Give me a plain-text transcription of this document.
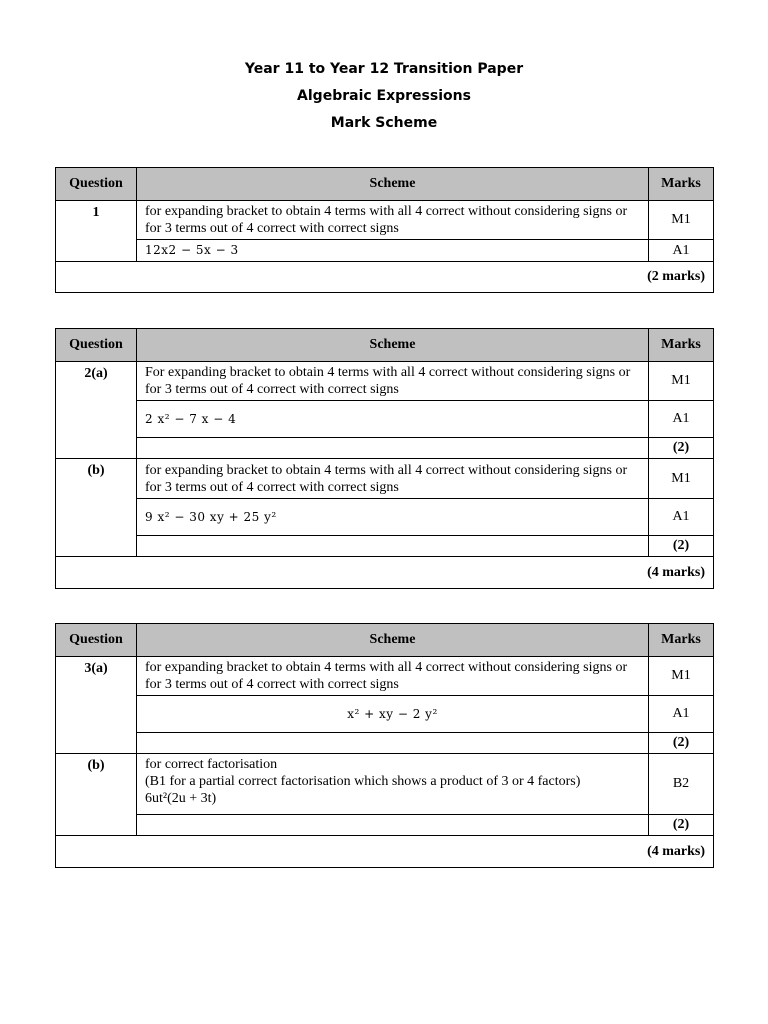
Year 11 to Year 12 Transition Paper
Algebraic Expressions
Mark Scheme
Question	Scheme	Marks
1	for expanding bracket to obtain 4 terms with all 4 correct without considering signs or for 3 terms out of 4 correct with correct signs	M1
	12x2 − 5x − 3	A1
(2 marks)		
Question	Scheme	Marks
2(a)	For expanding bracket to obtain 4 terms with all 4 correct without considering signs or for 3 terms out of 4 correct with correct signs	M1
	2 x² − 7 x − 4	A1
		(2)
(b)	for expanding bracket to obtain 4 terms with all 4 correct without considering signs or for 3 terms out of 4 correct with correct signs	M1
	9 x² − 30 xy + 25 y²	A1
		(2)
(4 marks)		
Question	Scheme	Marks
3(a)	for expanding bracket to obtain 4 terms with all 4 correct without considering signs or for 3 terms out of 4 correct with correct signs	M1
	x² + xy − 2 y²	A1
		(2)
(b)	for correct factorisation
(B1 for a partial correct factorisation which shows a product of 3 or 4 factors)
6ut²(2u + 3t)	B2
		(2)
(4 marks)		
